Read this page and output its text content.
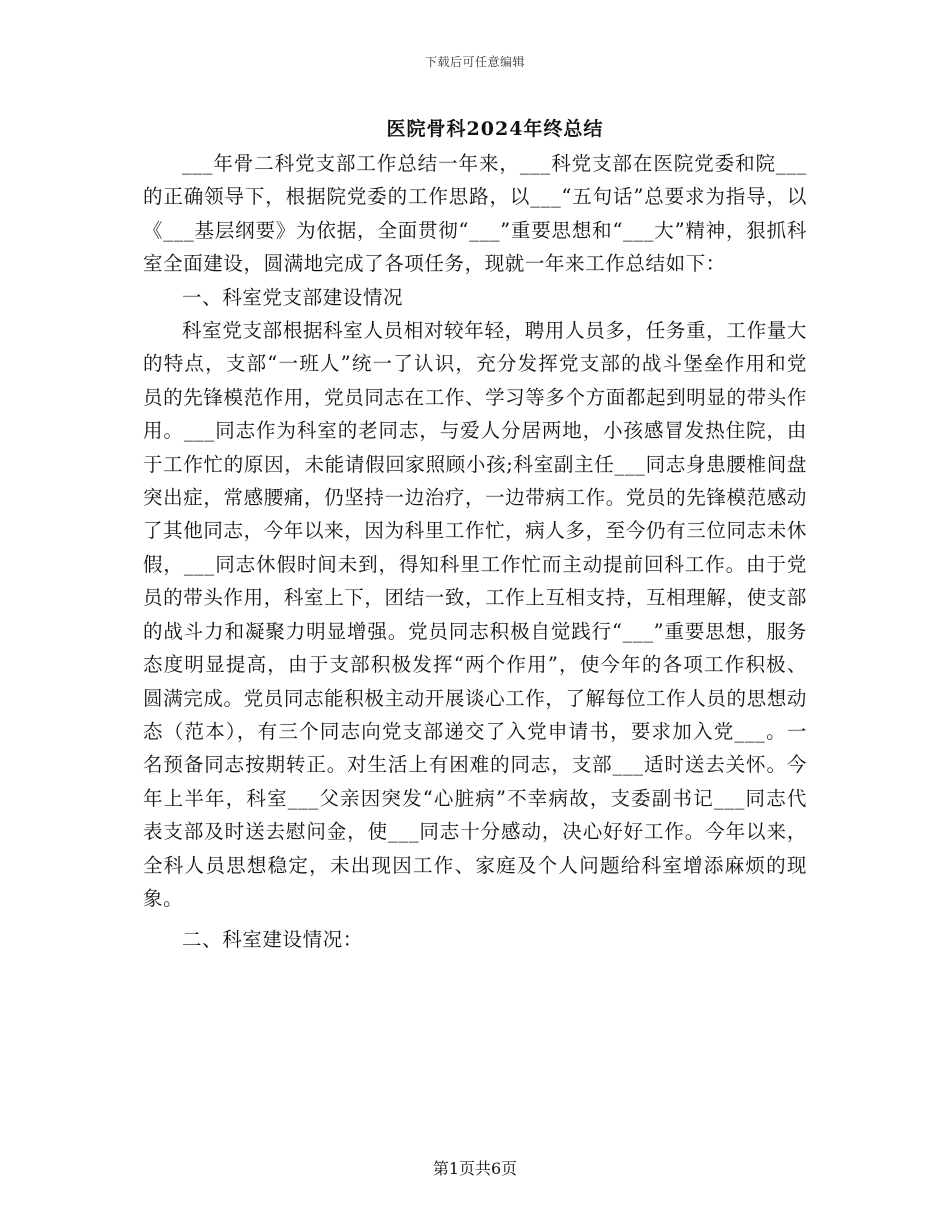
下载后可任意编辑
医院骨科2024年终总结

___年骨二科党支部工作总结一年来，___科党支部在医院党委和院___的正确领导下，根据院党委的工作思路，以___“五句话”总要求为指导，以《___基层纲要》为依据，全面贯彻“___”重要思想和“___大”精神，狠抓科室全面建设，圆满地完成了各项任务，现就一年来工作总结如下：

一、科室党支部建设情况

科室党支部根据科室人员相对较年轻，聘用人员多，任务重，工作量大的特点，支部“一班人”统一了认识，充分发挥党支部的战斗堡垒作用和党员的先锋模范作用，党员同志在工作、学习等多个方面都起到明显的带头作用。___同志作为科室的老同志，与爱人分居两地，小孩感冒发热住院，由于工作忙的原因，未能请假回家照顾小孩;科室副主任___同志身患腰椎间盘突出症，常感腰痛，仍坚持一边治疗，一边带病工作。党员的先锋模范感动了其他同志，今年以来，因为科里工作忙，病人多，至今仍有三位同志未休假，___同志休假时间未到，得知科里工作忙而主动提前回科工作。由于党员的带头作用，科室上下，团结一致，工作上互相支持，互相理解，使支部的战斗力和凝聚力明显增强。党员同志积极自觉践行“___”重要思想，服务态度明显提高，由于支部积极发挥“两个作用”，使今年的各项工作积极、圆满完成。党员同志能积极主动开展谈心工作，了解每位工作人员的思想动态（范本），有三个同志向党支部递交了入党申请书，要求加入党___。一名预备同志按期转正。对生活上有困难的同志，支部___适时送去关怀。今年上半年，科室___父亲因突发“心脏病”不幸病故，支委副书记___同志代表支部及时送去慰问金，使___同志十分感动，决心好好工作。今年以来，全科人员思想稳定，未出现因工作、家庭及个人问题给科室增添麻烦的现象。

二、科室建设情况：

第1页共6页
